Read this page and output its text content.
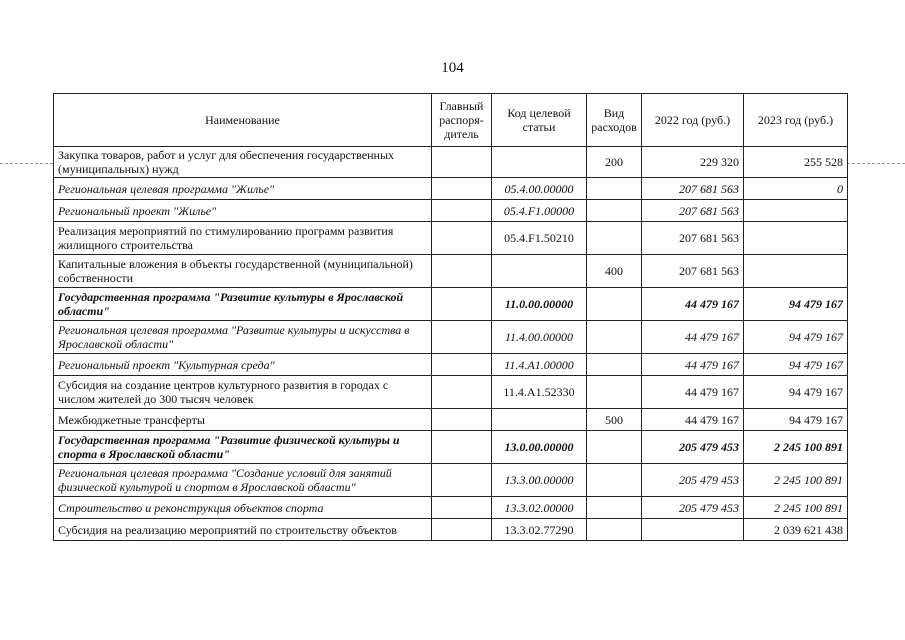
104
Наименование	Главный распоря-дитель	Код целевой статьи	Вид расходов	2022 год (руб.)	2023 год (руб.)
Закупка товаров, работ и услуг для обеспечения государственных (муниципальных) нужд			200	229 320	255 528
Региональная целевая программа "Жилье"		05.4.00.00000		207 681 563	0
Региональный проект "Жилье"		05.4.F1.00000		207 681 563	
Реализация мероприятий по стимулированию программ развития жилищного строительства		05.4.F1.50210		207 681 563	
Капитальные вложения в объекты государственной (муниципальной) собственности			400	207 681 563	
Государственная программа "Развитие культуры в Ярославской области"		11.0.00.00000		44 479 167	94 479 167
Региональная целевая программа "Развитие культуры и искусства в Ярославской области"		11.4.00.00000		44 479 167	94 479 167
Региональный проект "Культурная среда"		11.4.A1.00000		44 479 167	94 479 167
Субсидия на создание центров культурного развития в городах с числом жителей до 300 тысяч человек		11.4.A1.52330		44 479 167	94 479 167
Межбюджетные трансферты			500	44 479 167	94 479 167
Государственная программа "Развитие физической культуры и спорта в Ярославской области"		13.0.00.00000		205 479 453	2 245 100 891
Региональная целевая программа "Создание условий для занятий физической культурой и спортом в Ярославской области"		13.3.00.00000		205 479 453	2 245 100 891
Строительство и реконструкция объектов спорта		13.3.02.00000		205 479 453	2 245 100 891
Субсидия на реализацию мероприятий по строительству объектов		13.3.02.77290			2 039 621 438
